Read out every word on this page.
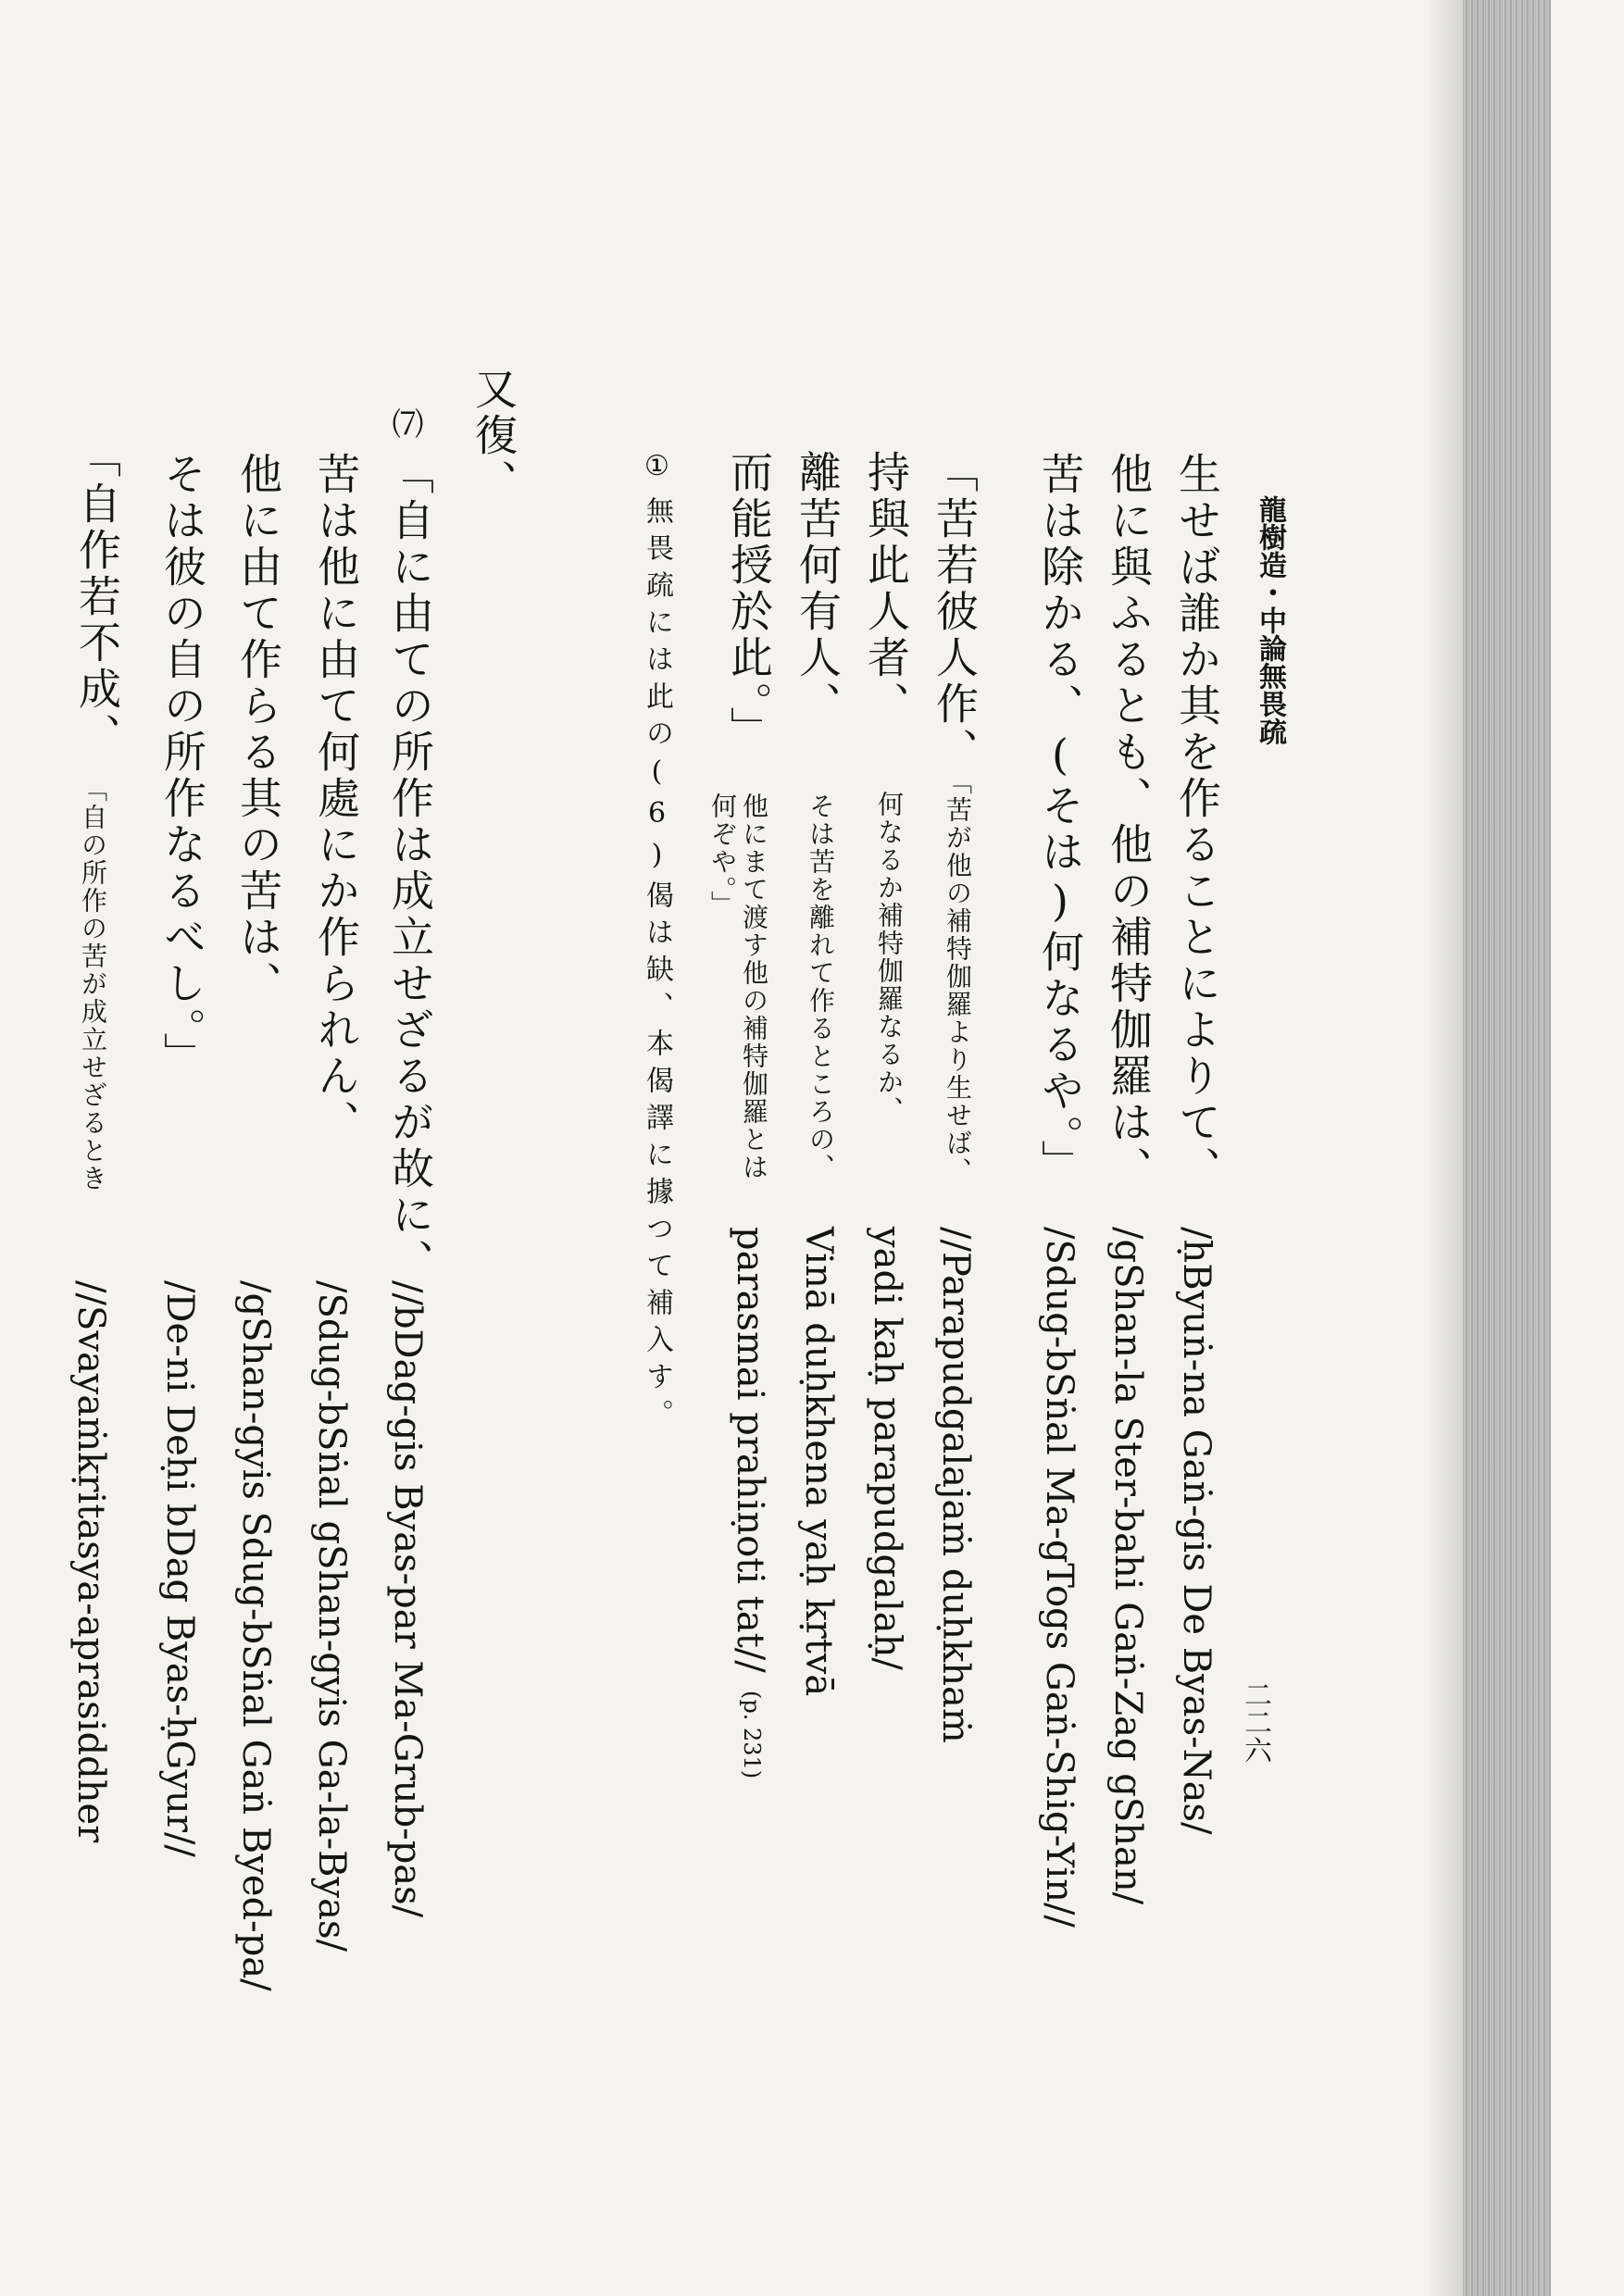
龍樹造・中論無畏疏
二二六
生せば誰か其を作ることによりて、
他に與ふるとも、他の補特伽羅は、
苦は除かる、(そは)何なるや。」
/ḥByuṅ-na Gaṅ-gis De Byas-Nas/
/gShan-la Ster-bahi Gaṅ-Zag gShan/
/Sdug-bSṅal Ma-gTogs Gaṅ-Shig-Yin//
「苦若彼人作、
持與此人者、
離苦何有人、
而能授於此。」
「苦が他の補特伽羅より生せば、
何なるか補特伽羅なるか、
そは苦を離れて作るところの、
他にまて渡す他の補特伽羅とは
何ぞや。」
//Parapudgalajaṁ duḥkhaṁ
yadi kaḥ parapudgalaḥ/
Vinā duḥkhena yaḥ kṛtvā
parasmai prahiṇoti tat//
(p. 231)
①
無畏疏には此の(6)偈は缺、本偈譯に據つて補入す。
又復、
⑺
「自に由ての所作は成立せざるが故に、
苦は他に由て何處にか作られん、
他に由て作らる其の苦は、
そは彼の自の所作なるべし。」
//bDag-gis Byas-par Ma-Grub-pas/
/Sdug-bSṅal gShan-gyis Ga-la-Byas/
/gShan-gyis Sdug-bSṅal Gaṅ Byed-pa/
/De-ni Deḥi bDag Byas-ḥGyur//
「自作若不成、
「自の所作の苦が成立せざるとき
//Svayaṁkṛitasya-aprasiddher
